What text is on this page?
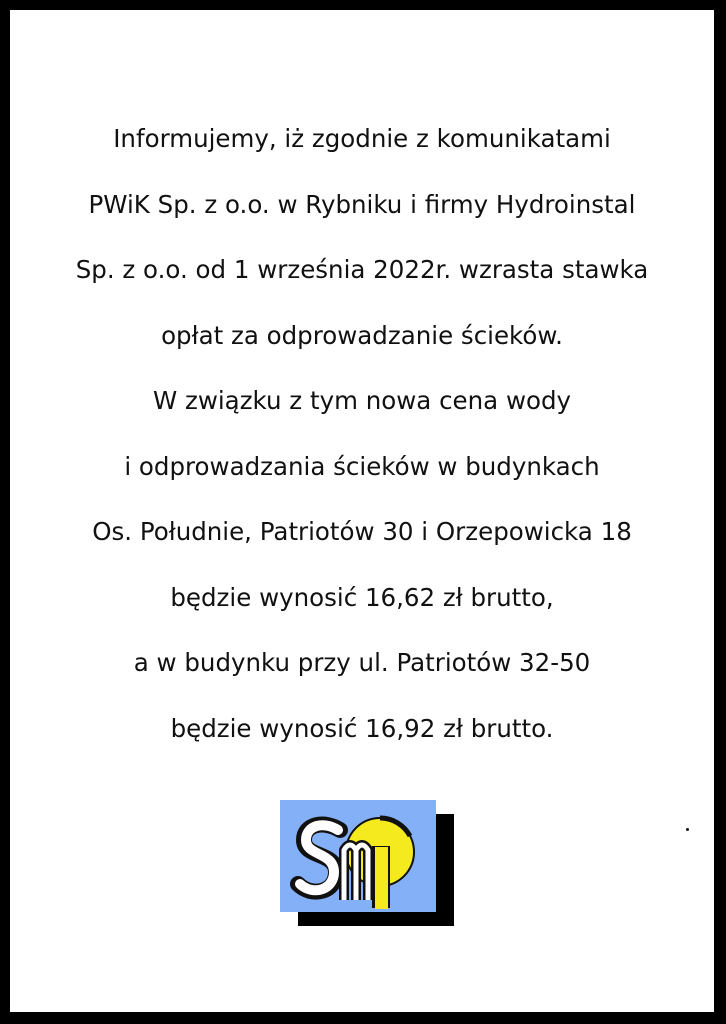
Informujemy, iż zgodnie z komunikatami
PWiK Sp. z o.o. w Rybniku i firmy Hydroinstal
Sp. z o.o. od 1 września 2022r. wzrasta stawka
opłat za odprowadzanie ścieków.
W związku z tym nowa cena wody
i odprowadzania ścieków w budynkach
Os. Południe, Patriotów 30 i Orzepowicka 18
będzie wynosić 16,62 zł brutto,
a w budynku przy ul. Patriotów 32-50
będzie wynosić 16,92 zł brutto.
